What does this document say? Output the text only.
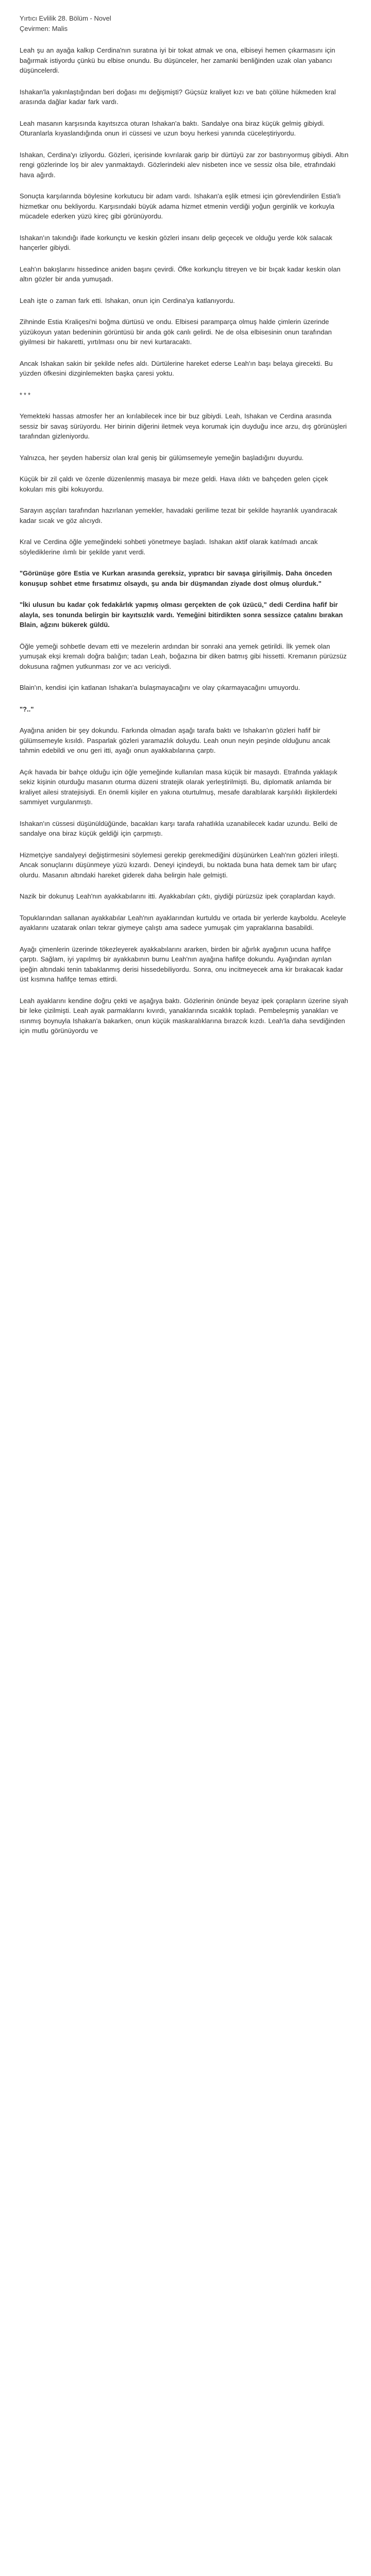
Yırtıcı Evlilik 28. Bölüm - Novel
Çevirmen: Malis

Leah şu an ayağa kalkıp Cerdina'nın suratına iyi bir tokat atmak ve ona, elbiseyi hemen çıkarmasını için bağırmak istiyordu çünkü bu elbise onundu. Bu düşünceler, her zamanki benliğinden uzak olan yabancı düşüncelerdi.

Ishakan'la yakınlaştığından beri doğası mı değişmişti? Güçsüz kraliyet kızı ve batı çölüne hükmeden kral arasında dağlar kadar fark vardı.

Leah masanın karşısında kayıtsızca oturan Ishakan'a baktı. Sandalye ona biraz küçük gelmiş gibiydi. Oturanlarla kıyaslandığında onun iri cüssesi ve uzun boyu herkesi yanında cüceleştiriyordu.

Ishakan, Cerdina'yı izliyordu. Gözleri, içerisinde kıvrılarak garip bir dürtüyü zar zor bastırıyormuş gibiydi. Altın rengi gözlerinde loş bir alev yanmaktaydı. Gözlerindeki alev nisbeten ince ve sessiz olsa bile, etrafındaki hava ağırdı.

Sonuçta karşılarında böylesine korkutucu bir adam vardı. Ishakan'a eşlik etmesi için görevlendirilen Estia'lı hizmetkar onu bekliyordu. Karşısındaki büyük adama hizmet etmenin verdiği yoğun gerginlik ve korkuyla mücadele ederken yüzü kireç gibi görünüyordu.

Ishakan'ın takındığı ifade korkunçtu ve keskin gözleri insanı delip geçecek ve olduğu yerde kök salacak hançerler gibiydi.

Leah'ın bakışlarını hissedince aniden başını çevirdi. Öfke korkunçlu titreyen ve bir bıçak kadar keskin olan altın gözler bir anda yumuşadı.

Leah işte o zaman fark etti. Ishakan, onun için Cerdina'ya katlanıyordu.

Zihninde Estia Kraliçesi'ni boğma dürtüsü ve ondu. Elbisesi paramparça olmuş halde çimlerin üzerinde yüzükoyun yatan bedeninin görüntüsü bir anda gök canlı gelirdi. Ne de olsa elbisesinin onun tarafından giyilmesi bir hakaretti, yırtılması onu bir nevi kurtaracaktı.

Ancak Ishakan sakin bir şekilde nefes aldı. Dürtülerine hareket ederse Leah'ın başı belaya girecekti. Bu yüzden öfkesini dizginlemekten başka çaresi yoktu.

***

Yemekteki hassas atmosfer her an kırılabilecek ince bir buz gibiydi. Leah, Ishakan ve Cerdina arasında sessiz bir savaş sürüyordu. Her birinin diğerini iletmek veya korumak için duyduğu ince arzu, dış görünüşleri tarafından gizleniyordu.

Yalnızca, her şeyden habersiz olan kral geniş bir gülümsemeyle yemeğin başladığını duyurdu.

Küçük bir zil çaldı ve özenle düzenlenmiş masaya bir meze geldi. Hava ılıktı ve bahçeden gelen çiçek kokuları mis gibi kokuyordu.

Sarayın aşçıları tarafından hazırlanan yemekler, havadaki gerilime tezat bir şekilde hayranlık uyandıracak kadar sıcak ve göz alıcıydı.

Kral ve Cerdina öğle yemeğindeki sohbeti yönetmeye başladı. Ishakan aktif olarak katılmadı ancak söylediklerine ılımlı bir şekilde yanıt verdi.

"Görünüşe göre Estia ve Kurkan arasında gereksiz, yıpratıcı bir savaşa girişilmiş. Daha önceden konuşup sohbet etme fırsatımız olsaydı, şu anda bir düşmandan ziyade dost olmuş olurduk."

"İki ulusun bu kadar çok fedakârlık yapmış olması gerçekten de çok üzücü," dedi Cerdina hafif bir alayla, ses tonunda belirgin bir kayıtsızlık vardı. Yemeğini bitirdikten sonra sessizce çatalını bırakan Blain, ağzını bükerek güldü.

Öğle yemeği sohbetle devam etti ve mezelerin ardından bir sonraki ana yemek getirildi. İlk yemek olan yumuşak ekşi kremalı doğra balığın; tadan Leah, boğazına bir diken batmış gibi hissetti. Kremanın pürüzsüz dokusuna rağmen yutkunması zor ve acı vericiydi.

Blain'ın, kendisi için katlanan Ishakan'a bulaşmayacağını ve olay çıkarmayacağını umuyordu.

"?.."

Ayağına aniden bir şey dokundu. Farkında olmadan aşağı tarafa baktı ve Ishakan'ın gözleri hafif bir gülümsemeyle kısıldı. Pasparlak gözleri yaramazlık doluydu. Leah onun neyin peşinde olduğunu ancak tahmin edebildi ve onu geri itti, ayağı onun ayakkabılarına çarptı.

Açık havada bir bahçe olduğu için öğle yemeğinde kullanılan masa küçük bir masaydı. Etrafında yaklaşık sekiz kişinin oturduğu masanın oturma düzeni stratejik olarak yerleştirilmişti. Bu, diplomatik anlamda bir kraliyet ailesi stratejisiydi. En önemli kişiler en yakına oturtulmuş, mesafe daraltılarak karşılıklı ilişkilerdeki sammiyet vurgulanmıştı.

Ishakan'ın cüssesi düşünüldüğünde, bacakları karşı tarafa rahatlıkla uzanabilecek kadar uzundu. Belki de sandalye ona biraz küçük geldiği için çarpmıştı.

Hizmetçiye sandalyeyi değiştirmesini söylemesi gerekip gerekmediğini düşünürken Leah'nın gözleri irileşti. Ancak sonuçlarını düşünmeye yüzü kızardı. Deneyi içindeydi, bu noktada buna hata demek tam bir ufarç olurdu. Masanın altındaki hareket giderek daha belirgin hale gelmişti.

Nazik bir dokunuş Leah'nın ayakkabılarını itti. Ayakkabıları çıktı, giydiği pürüzsüz ipek çoraplardan kaydı.

Topuklarından sallanan ayakkabılar Leah'nın ayaklarından kurtuldu ve ortada bir yerlerde kayboldu. Aceleyle ayaklarını uzatarak onları tekrar giymeye çalıştı ama sadece yumuşak çim yapraklarına basabildi.

Ayağı çimenlerin üzerinde tökezleyerek ayakkabılarını ararken, birden bir ağırlık ayağının ucuna hafifçe çarptı. Sağlam, iyi yapılmış bir ayakkabının burnu Leah'nın ayağına hafifçe dokundu. Ayağından ayrılan ipeğin altındaki tenin tabaklanmış derisi hissedebiliyordu. Sonra, onu incitmeyecek ama kir bırakacak kadar üst kısmına hafifçe temas ettirdi.

Leah ayaklarını kendine doğru çekti ve aşağıya baktı. Gözlerinin önünde beyaz ipek çorapların üzerine siyah bir leke çizilmişti. Leah ayak parmaklarını kıvırdı, yanaklarında sıcaklık topladı. Pembeleşmiş yanakları ve ısınmış boynuyla Ishakan'a bakarken, onun küçük maskaralıklarına bırazcık kızdı. Leah'la daha sevdiğinden için mutlu görünüyordu ve
